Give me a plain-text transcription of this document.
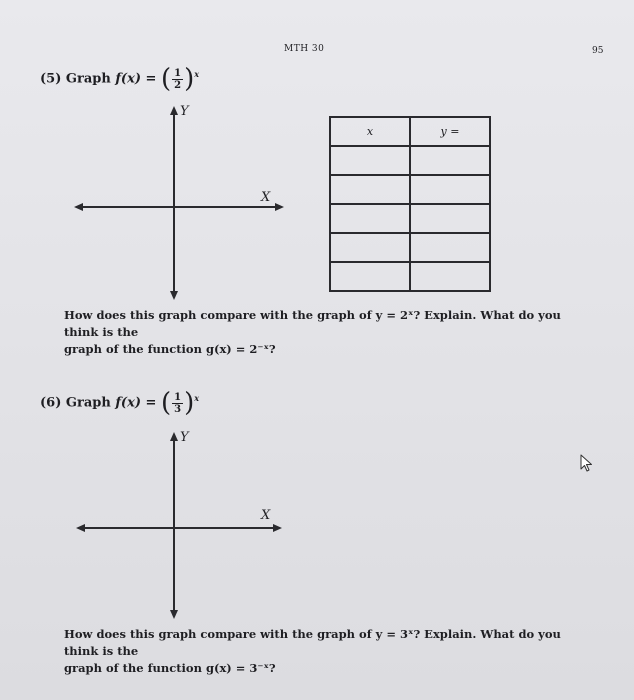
MTH 30	95
(5) Graph f(x) = ( $\frac{1}{2} )^x$
Y
X
x	y =

How does this graph compare with the graph of y = 2ˣ? Explain. What do you think is the
graph of the function g(x) = 2⁻ˣ?
(6) Graph f(x) = ( $\frac{1}{3} )^x$
Y
X
How does this graph compare with the graph of y = 3ˣ? Explain. What do you think is the
graph of the function g(x) = 3⁻ˣ?
